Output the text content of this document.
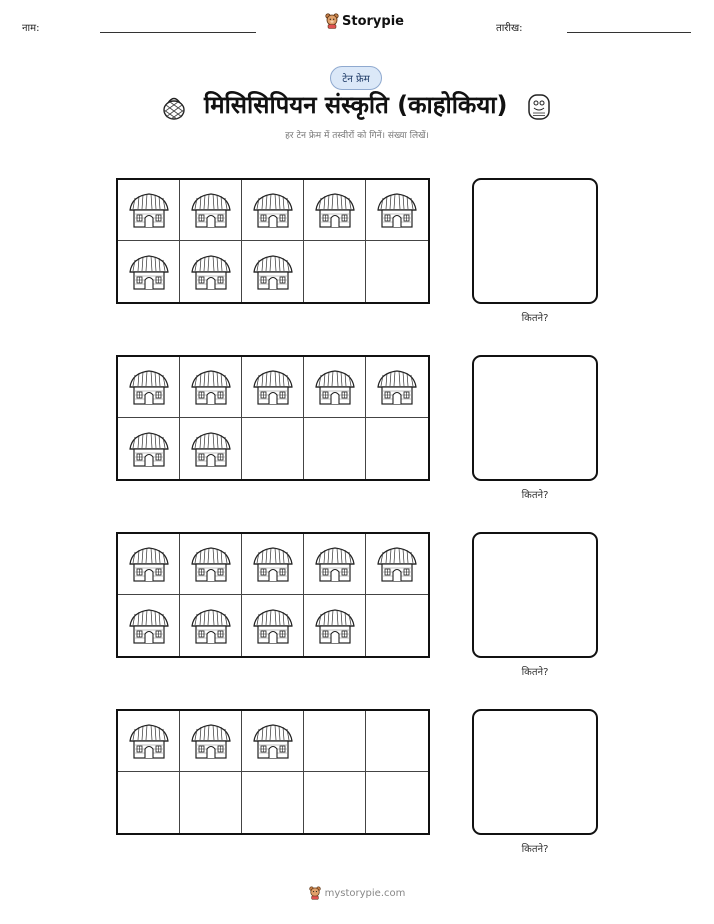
नाम:	Storypie	तारीख:
टेन फ्रेम
मिसिसिपियन संस्कृति (काहोकिया)
हर टेन फ्रेम में तस्वीरों को गिनें। संख्या लिखें।
कितने?
कितने?
कितने?
कितने?
mystorypie.com
